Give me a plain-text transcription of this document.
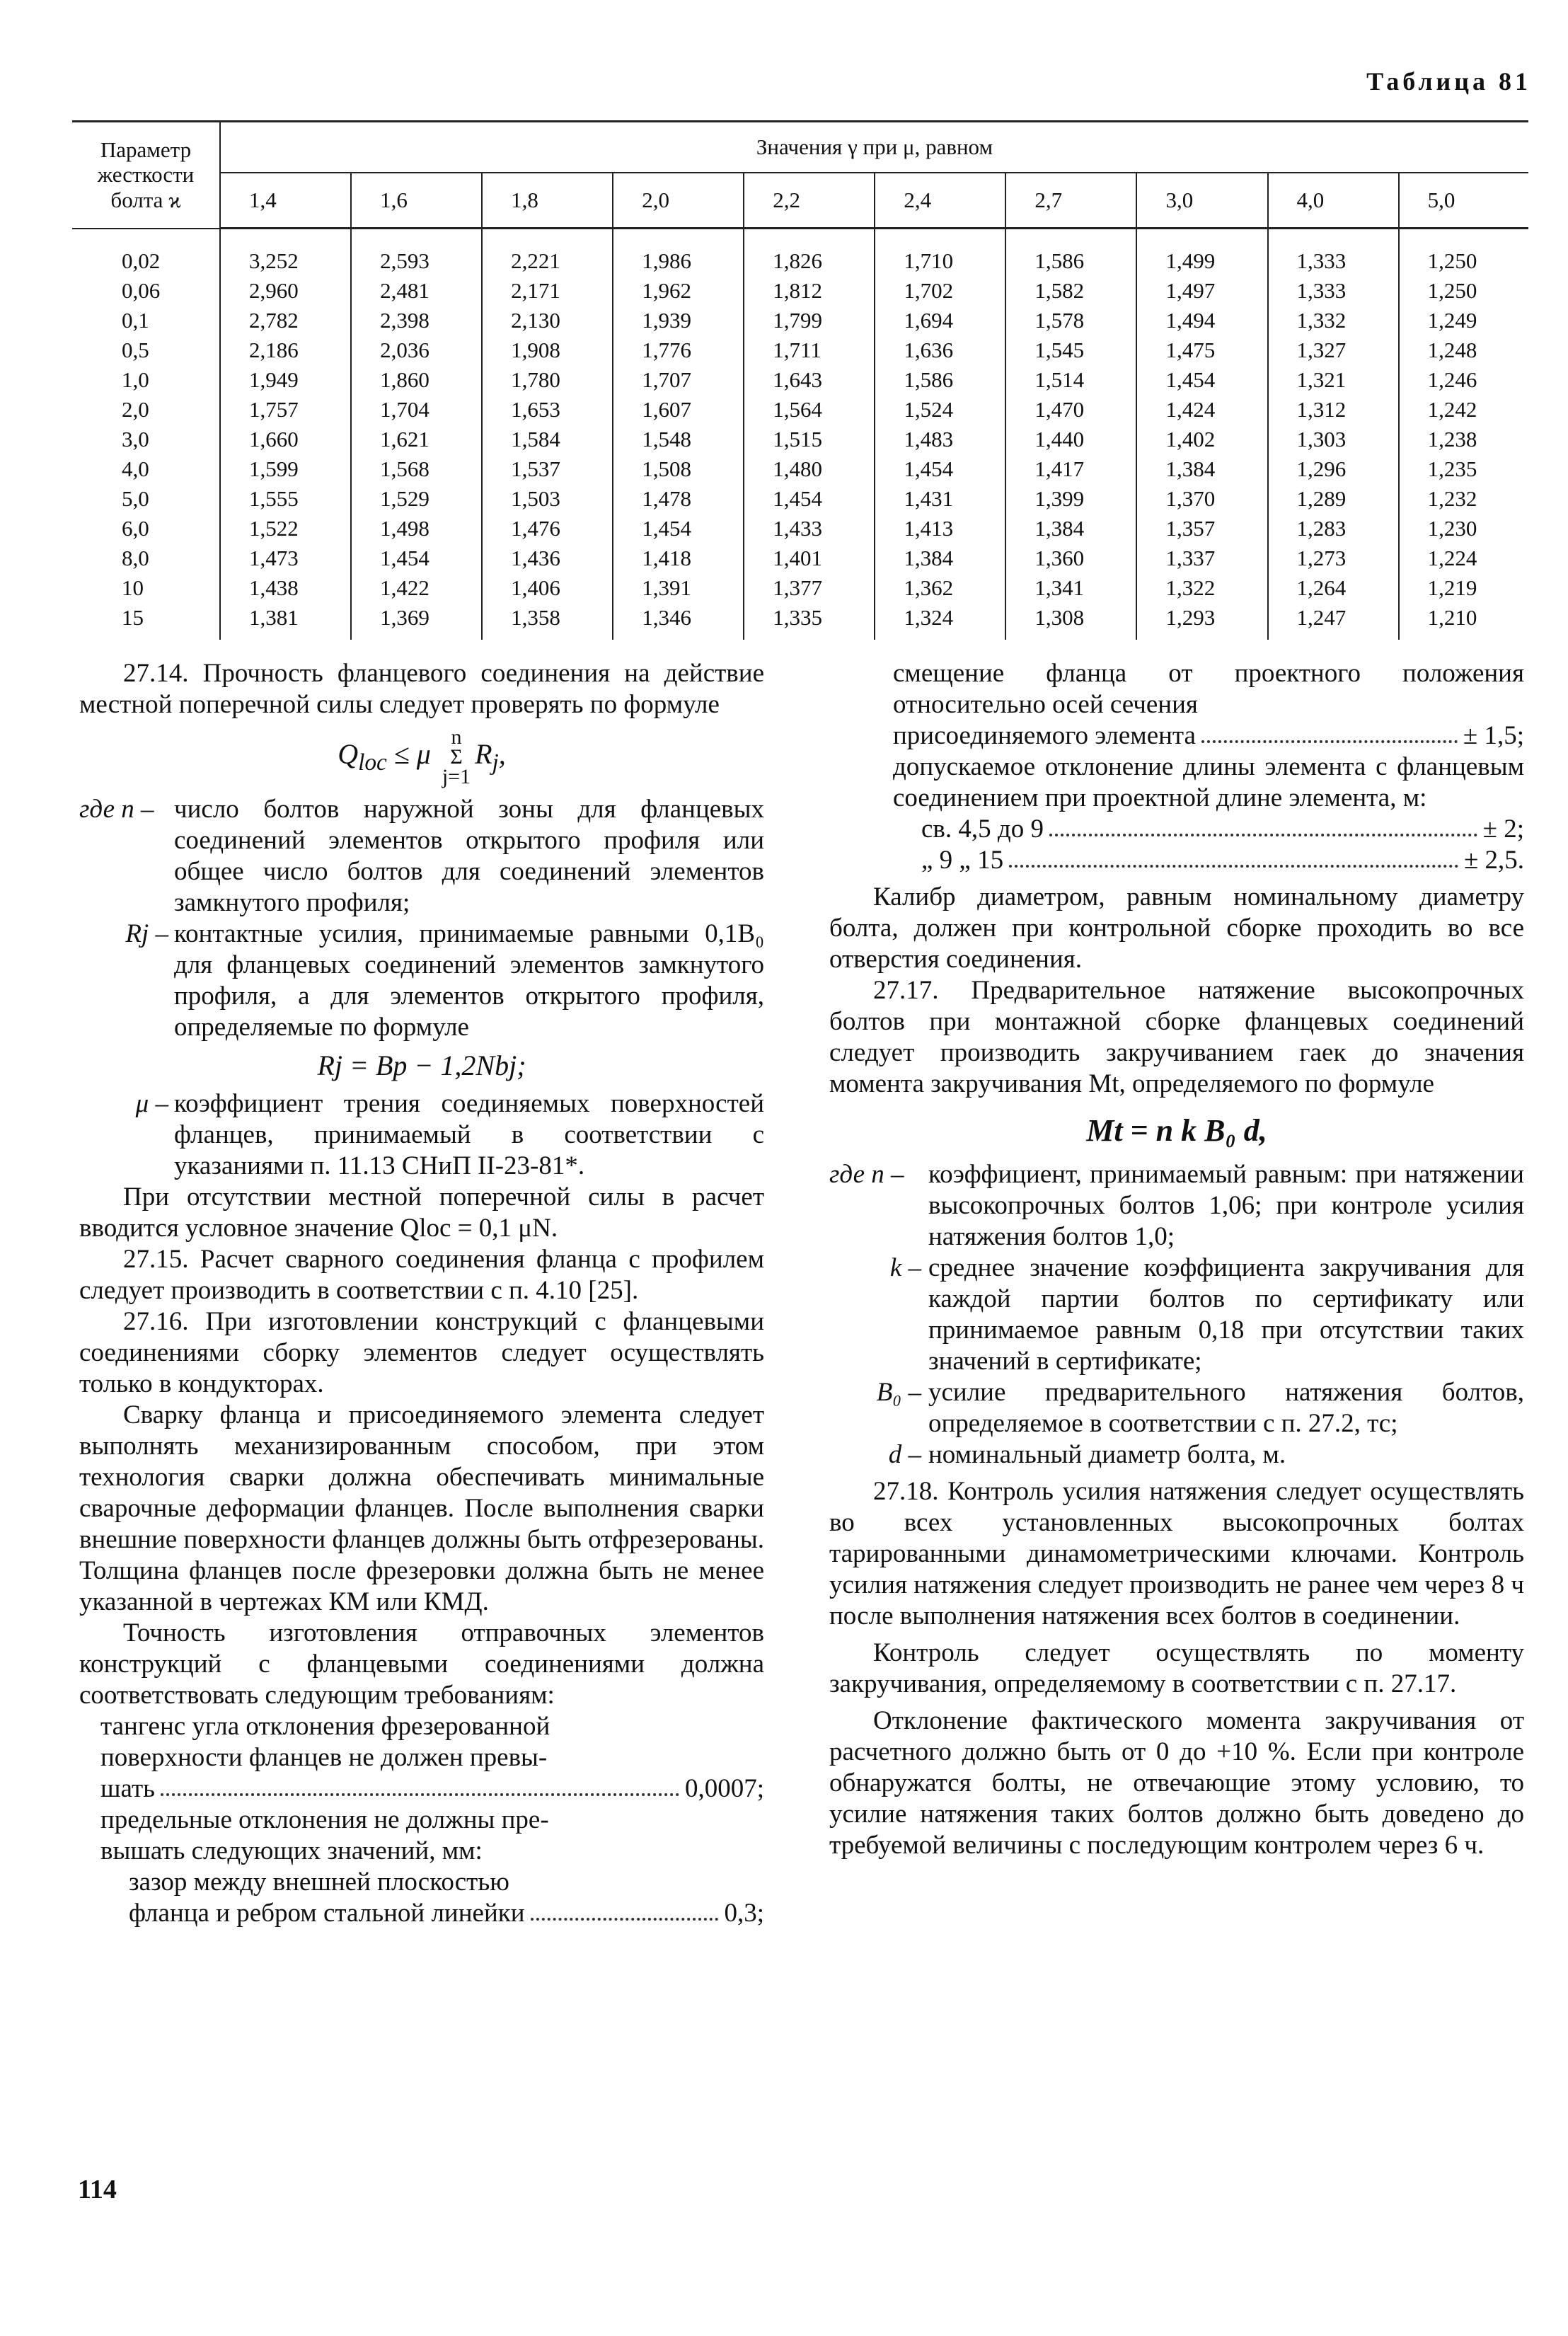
Таблица 81
Параметр жесткости болта ϰ	Значения γ при μ, равном									
	1,4	1,6	1,8	2,0	2,2	2,4	2,7	3,0	4,0	5,0
0,02	3,252	2,593	2,221	1,986	1,826	1,710	1,586	1,499	1,333	1,250
0,06	2,960	2,481	2,171	1,962	1,812	1,702	1,582	1,497	1,333	1,250
0,1	2,782	2,398	2,130	1,939	1,799	1,694	1,578	1,494	1,332	1,249
0,5	2,186	2,036	1,908	1,776	1,711	1,636	1,545	1,475	1,327	1,248
1,0	1,949	1,860	1,780	1,707	1,643	1,586	1,514	1,454	1,321	1,246
2,0	1,757	1,704	1,653	1,607	1,564	1,524	1,470	1,424	1,312	1,242
3,0	1,660	1,621	1,584	1,548	1,515	1,483	1,440	1,402	1,303	1,238
4,0	1,599	1,568	1,537	1,508	1,480	1,454	1,417	1,384	1,296	1,235
5,0	1,555	1,529	1,503	1,478	1,454	1,431	1,399	1,370	1,289	1,232
6,0	1,522	1,498	1,476	1,454	1,433	1,413	1,384	1,357	1,283	1,230
8,0	1,473	1,454	1,436	1,418	1,401	1,384	1,360	1,337	1,273	1,224
10	1,438	1,422	1,406	1,391	1,377	1,362	1,341	1,322	1,264	1,219
15	1,381	1,369	1,358	1,346	1,335	1,324	1,308	1,293	1,247	1,210

27.14. Прочность фланцевого соединения на действие местной поперечной силы следует проверять по формуле

$Q_{loc} \le \mu$ n
Σ
$j=1R_j$,

где n – число болтов наружной зоны для фланцевых соединений элементов открытого профиля или общее число болтов для соединений элементов замкнутого профиля;
Rj – контактные усилия, принимаемые равными 0,1B₀ для фланцевых соединений элементов замкнутого профиля, а для элементов открытого профиля, определяемые по формуле

Rj = Bp − 1,2Nbj;

μ – коэффициент трения соединяемых поверхностей фланцев, принимаемый в соответствии с указаниями п. 11.13 СНиП II-23-81*.

При отсутствии местной поперечной силы в расчет вводится условное значение Qloc = 0,1 μN.

27.15. Расчет сварного соединения фланца с профилем следует производить в соответствии с п. 4.10 [25].

27.16. При изготовлении конструкций с фланцевыми соединениями сборку элементов следует осуществлять только в кондукторах.

Сварку фланца и присоединяемого элемента следует выполнять механизированным способом, при этом технология сварки должна обеспечивать минимальные сварочные деформации фланцев. После выполнения сварки внешние поверхности фланцев должны быть отфрезерованы. Толщина фланцев после фрезеровки должна быть не менее указанной в чертежах КМ или КМД.

Точность изготовления отправочных элементов конструкций с фланцевыми соединениями должна соответствовать следующим требованиям:

тангенс угла отклонения фрезерованной

поверхности фланцев не должен превы-

шать	0,0007;

предельные отклонения не должны пре-

вышать следующих значений, мм:

зазор между внешней плоскостью

фланца и ребром стальной линейки	0,3;

смещение фланца от проектного положения относительно осей сечения

присоединяемого элемента	± 1,5;

допускаемое отклонение длины элемента с фланцевым соединением при проектной длине элемента, м:

св. 4,5 до 9	± 2;
„ 9 „ 15	± 2,5.

Калибр диаметром, равным номинальному диаметру болта, должен при контрольной сборке проходить во все отверстия соединения.

27.17. Предварительное натяжение высокопрочных болтов при монтажной сборке фланцевых соединений следует производить закручиванием гаек до значения момента закручивания Mt, определяемого по формуле

Mt = n k B₀ d,

где n – коэффициент, принимаемый равным: при натяжении высокопрочных болтов 1,06; при контроле усилия натяжения болтов 1,0;
k – среднее значение коэффициента закручивания для каждой партии болтов по сертификату или принимаемое равным 0,18 при отсутствии таких значений в сертификате;
B₀ – усилие предварительного натяжения болтов, определяемое в соответствии с п. 27.2, тс;
d – номинальный диаметр болта, м.

27.18. Контроль усилия натяжения следует осуществлять во всех установленных высокопрочных болтах тарированными динамометрическими ключами. Контроль усилия натяжения следует производить не ранее чем через 8 ч после выполнения натяжения всех болтов в соединении.

Контроль следует осуществлять по моменту закручивания, определяемому в соответствии с п. 27.17.

Отклонение фактического момента закручивания от расчетного должно быть от 0 до +10 %. Если при контроле обнаружатся болты, не отвечающие этому условию, то усилие натяжения таких болтов должно быть доведено до требуемой величины с последующим контролем через 6 ч.

114
